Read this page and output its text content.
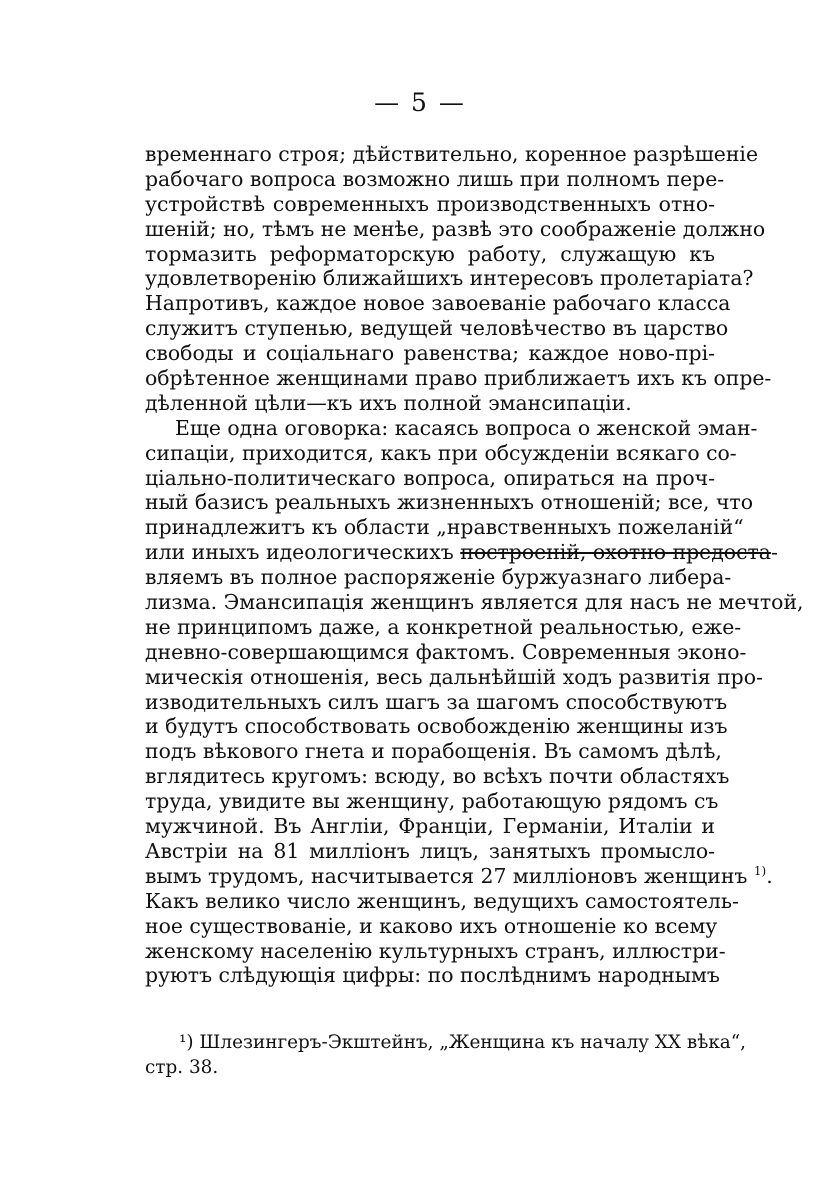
— 5 —
временнаго строя; дѣйствительно, коренное разрѣшеніе
рабочаго вопроса возможно лишь при полномъ пере-
устройствѣ современныхъ производственныхъ отно-
шеній; но, тѣмъ не менѣе, развѣ это соображеніе должно
тормазить реформаторскую работу, служащую къ
удовлетворенію ближайшихъ интересовъ пролетаріата?
Напротивъ, каждое новое завоеваніе рабочаго класса
служитъ ступенью, ведущей человѣчество въ царство
свободы и соціальнаго равенства; каждое ново-прі-
обрѣтенное женщинами право приближаетъ ихъ къ опре-
дѣленной цѣли—къ ихъ полной эмансипаціи.
Еще одна оговорка: касаясь вопроса о женской эман-
сипаціи, приходится, какъ при обсужденіи всякаго со-
ціально-политическаго вопроса, опираться на проч-
ный базисъ реальныхъ жизненныхъ отношеній; все, что
принадлежитъ къ области „нравственныхъ пожеланій“
или иныхъ идеологическихъ построеній, охотно предоста-
вляемъ въ полное распоряженіе буржуазнаго либера-
лизма. Эмансипація женщинъ является для насъ не мечтой,
не принципомъ даже, а конкретной реальностью, еже-
дневно-совершающимся фактомъ. Современныя эконо-
мическія отношенія, весь дальнѣйшій ходъ развитія про-
изводительныхъ силъ шагъ за шагомъ способствуютъ
и будутъ способствовать освобожденію женщины изъ
подъ вѣкового гнета и порабощенія. Въ самомъ дѣлѣ,
вглядитесь кругомъ: всюду, во всѣхъ почти областяхъ
труда, увидите вы женщину, работающую рядомъ съ
мужчиной. Въ Англіи, Франціи, Германіи, Италіи и
Австріи на 81 милліонъ лицъ, занятыхъ промысло-
вымъ трудомъ, насчитывается 27 милліоновъ женщинъ $^{1)}$.
Какъ велико число женщинъ, ведущихъ самостоятель-
ное существованіе, и каково ихъ отношеніе ко всему
женскому населенію культурныхъ странъ, иллюстри-
руютъ слѣдующія цифры: по послѣднимъ народнымъ
¹) Шлезингеръ-Экштейнъ, „Женщина къ началу XX вѣка“,
стр. 38.
